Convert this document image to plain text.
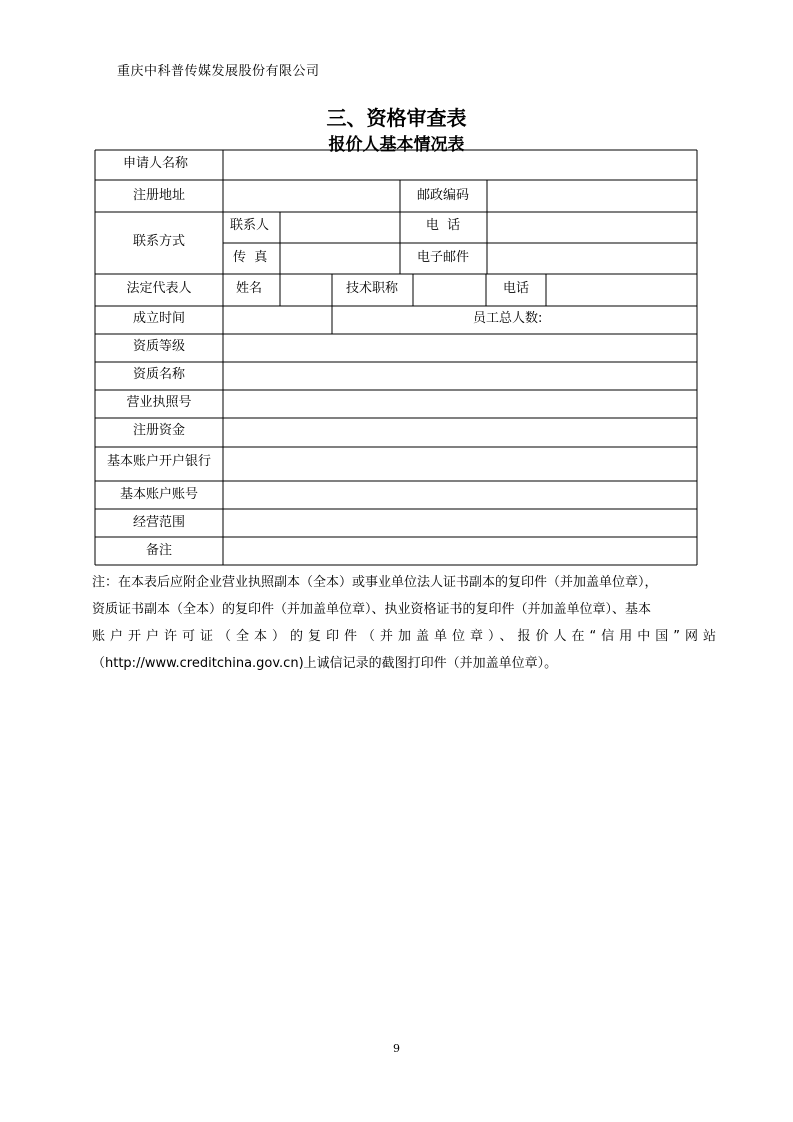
重庆中科普传媒发展股份有限公司
三、资格审查表
报价人基本情况表
申请人名称
注册地址	邮政编码
联系方式
联系人	电  话
传  真	电子邮件
法定代表人	姓名	技术职称	电话
成立时间	员工总人数:
资质等级
资质名称
营业执照号
注册资金
基本账户开户银行
基本账户账号
经营范围
备注
注：在本表后应附企业营业执照副本（全本）或事业单位法人证书副本的复印件（并加盖单位章），
资质证书副本（全本）的复印件（并加盖单位章）、执业资格证书的复印件（并加盖单位章）、基本
账户开户许可证（全本）的复印件（并加盖单位章）、报价人在“信用中国”网站
（http://www.creditchina.gov.cn)上诚信记录的截图打印件（并加盖单位章）。
9
